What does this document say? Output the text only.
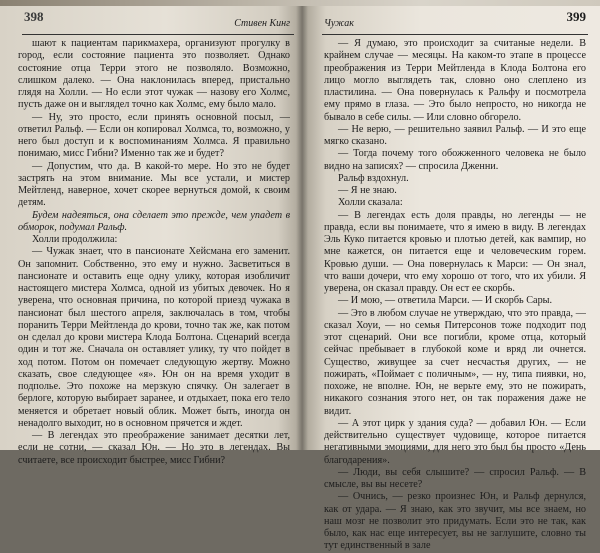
398	Стивен Кинг

шают к пациентам парикмахера, организуют прогулку в город, если состояние пациента это позволяет. Однако состояние отца Терри этого не позволяло. Возможно, слишком далеко. — Она наклонилась вперед, пристально глядя на Холли. — Но если этот чужак — назову его Холмс, пусть даже он и выглядел точно как Холмс, ему было мало.

— Ну, это просто, если принять основной посыл, — ответил Ральф. — Если он копировал Холмса, то, возможно, у него был доступ и к воспоминаниям Холмса. Я правильно понимаю, мисс Гибни? Именно так же и будет?

— Допустим, что да. В какой-то мере. Но это не будет застрять на этом внимание. Мы все устали, и мистер Мейтленд, наверное, хочет скорее вернуться домой, к своим детям.

Будем надеяться, она сделает это прежде, чем упадет в обморок, подумал Ральф.

Холли продолжила:

— Чужак знает, что в пансионате Хейсмана его заменит. Он запомнит. Собственно, это ему и нужно. Засветиться в пансионате и оставить еще одну улику, которая изобличит настоящего мистера Холмса, одной из убитых девочек. Но я уверена, что основная причина, по которой приезд чужака в пансионат был шестого апреля, заключалась в том, чтобы поранить Терри Мейтленда до крови, точно так же, как потом он сделал до крови мистера Клода Болтона. Сценарий всегда один и тот же. Сначала он оставляет улику, ту что пойдет в ход потом. Потом он помечает следующую жертву. Можно сказать, свое следующее «я». Юн он на время уходит в подполье. Это похоже на мерзкую спячку. Он залегает в берлоге, которую выбирает заранее, и отдыхает, пока его тело меняется и обретает новый облик. Может быть, иногда он ненадолго выходит, но в основном прячется и ждет.

— В легендах это преображение занимает десятки лет, если не сотни, — сказал Юн. — Но это в легендах. Вы считаете, все происходит быстрее, мисс Гибни?

Чужак	399

— Я думаю, это происходит за считаные недели. В крайнем случае — месяцы. На каком-то этапе в процессе преображения из Терри Мейтленда в Клода Болтона его лицо могло выглядеть так, словно оно слеплено из пластилина. — Она повернулась к Ральфу и посмотрела ему прямо в глаза. — Это было непросто, но никогда не бывало в себе силы. — Или словно обгорело.

— Не верю, — решительно заявил Ральф. — И это еще мягко сказано.

— Тогда почему того обожженного человека не было видно на записях? — спросила Дженни.

Ральф вздохнул.

— Я не знаю.

Холли сказала:

— В легендах есть доля правды, но легенды — не правда, если вы понимаете, что я имею в виду. В легендах Эль Куко питается кровью и плотью детей, как вампир, но мне кажется, он питается еще и человеческим горем. Кровью души. — Она повернулась к Марси: — Он знал, что ваши дочери, что ему хорошо от того, что их убили. Я уверена, он сказал правду. Он ест ее скорбь.

— И мою, — ответила Марси. — И скорбь Сары.

— Это в любом случае не утверждаю, что это правда, — сказал Хоуи, — но семья Питерсонов тоже подходит под этот сценарий. Они все погибли, кроме отца, который сейчас пребывает в глубокой коме и вряд ли очнется. Существо, живущее за счет несчастья других, — не пожирать, «Поймает с поличным», — ну, типа пиявки, но, похоже, не вполне. Юн, не верьте ему, это не пожирать, никакого сознания этого нет, он так поражения даже не видит.

— А этот цирк у здания суда? — добавил Юн. — Если действительно существует чудовище, которое питается негативными эмоциями, для него это был бы просто «День благодарения».

— Люди, вы себя слышите? — спросил Ральф. — В смысле, вы вы несете?

— Очнись, — резко произнес Юн, и Ральф дернулся, как от удара. — Я знаю, как это звучит, мы все знаем, но наш мозг не позволит это придумать. Если это не так, как было, как нас еще интересует, вы не заглушите, словно ты тут единственный в зале
